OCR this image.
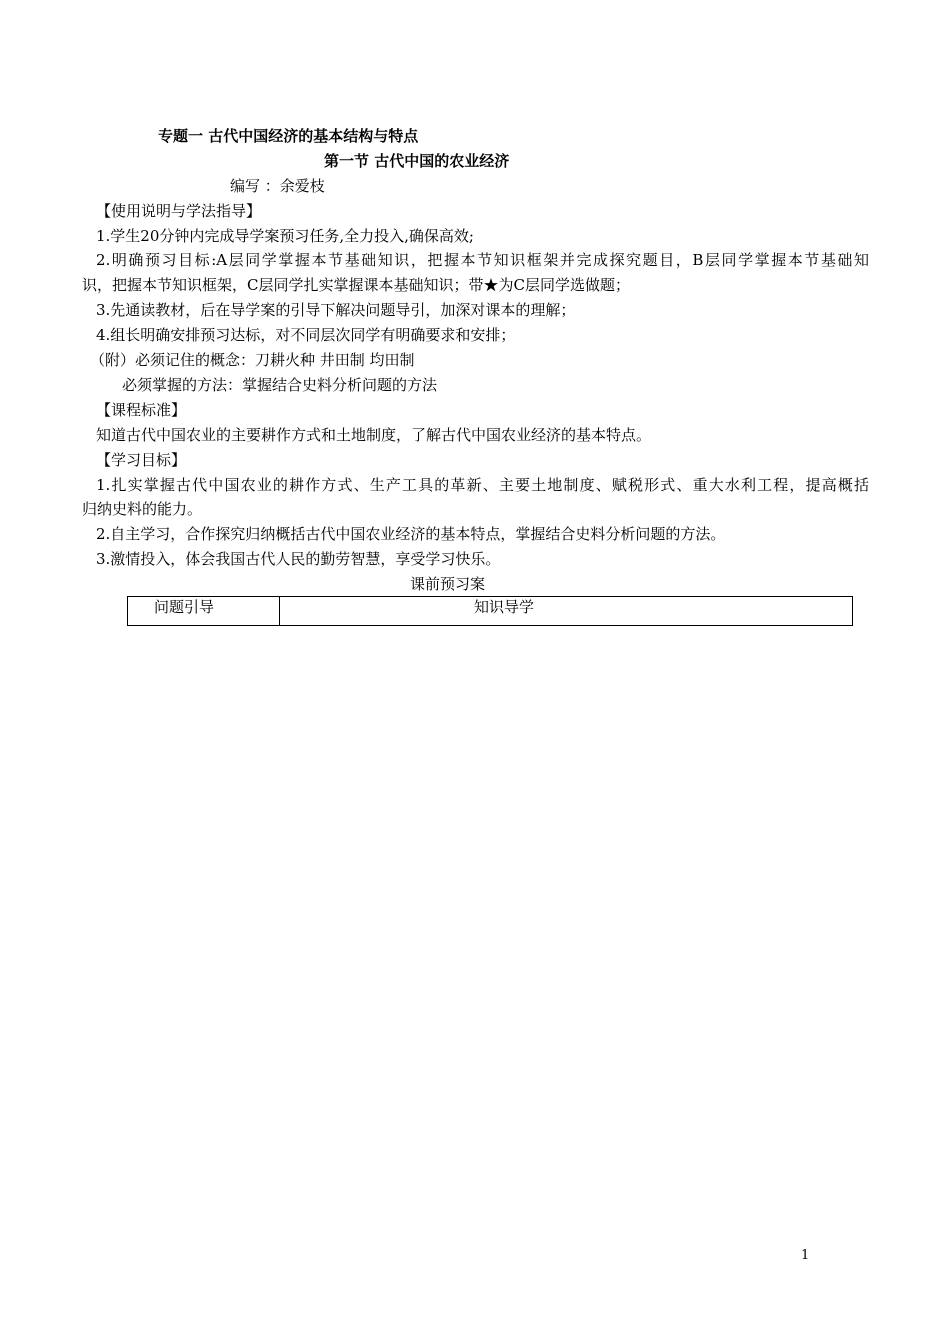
专题一 古代中国经济的基本结构与特点
第一节 古代中国的农业经济
编写 ：余爱枝
【使用说明与学法指导】
1.学生20分钟内完成导学案预习任务,全力投入,确保高效;
2.明确预习目标:A层同学掌握本节基础知识，把握本节知识框架并完成探究题目，B层同学掌握本节基础知
识，把握本节知识框架，C层同学扎实掌握课本基础知识；带★为C层同学选做题；
3.先通读教材，后在导学案的引导下解决问题导引，加深对课本的理解；
4.组长明确安排预习达标，对不同层次同学有明确要求和安排；
（附）必须记住的概念：刀耕火种 井田制 均田制
必须掌握的方法：掌握结合史料分析问题的方法
【课程标准】
知道古代中国农业的主要耕作方式和土地制度，了解古代中国农业经济的基本特点。
【学习目标】
1.扎实掌握古代中国农业的耕作方式、生产工具的革新、主要土地制度、赋税形式、重大水利工程，提高概括
归纳史料的能力。
2.自主学习，合作探究归纳概括古代中国农业经济的基本特点，掌握结合史料分析问题的方法。
3.激情投入，体会我国古代人民的勤劳智慧，享受学习快乐。
课前预习案
问题引导	知识导学
1
